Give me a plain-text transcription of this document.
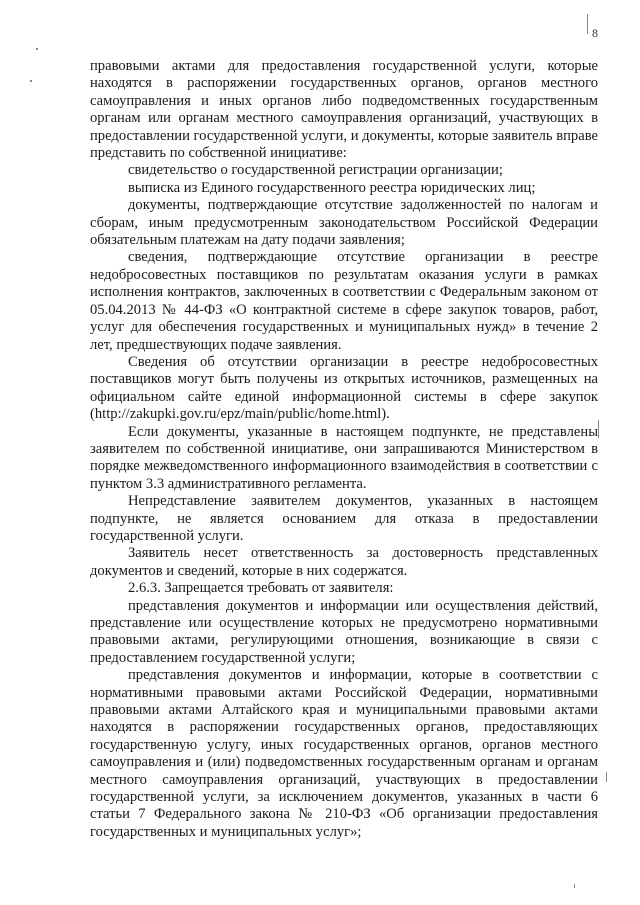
8

правовыми актами для предоставления государственной услуги, которые находятся в распоряжении государственных органов, органов местного самоуправления и иных органов либо подведомственных государственным органам или органам местного самоуправления организаций, участвующих в предоставлении государственной услуги, и документы, которые заявитель вправе представить по собственной инициативе:

свидетельство о государственной регистрации организации;

выписка из Единого государственного реестра юридических лиц;

документы, подтверждающие отсутствие задолженностей по налогам и сборам, иным предусмотренным законодательством Российской Федерации обязательным платежам на дату подачи заявления;

сведения, подтверждающие отсутствие организации в реестре недобросовестных поставщиков по результатам оказания услуги в рамках исполнения контрактов, заключенных в соответствии с Федеральным законом от 05.04.2013 № 44-ФЗ «О контрактной системе в сфере закупок товаров, работ, услуг для обеспечения государственных и муниципальных нужд» в течение 2 лет, предшествующих подаче заявления.

Сведения об отсутствии организации в реестре недобросовестных поставщиков могут быть получены из открытых источников, размещенных на официальном сайте единой информационной системы в сфере закупок (http://zakupki.gov.ru/epz/main/public/home.html).

Если документы, указанные в настоящем подпункте, не представлены заявителем по собственной инициативе, они запрашиваются Министерством в порядке межведомственного информационного взаимодействия в соответствии с пунктом 3.3 административного регламента.

Непредставление заявителем документов, указанных в настоящем подпункте, не является основанием для отказа в предоставлении государственной услуги.

Заявитель несет ответственность за достоверность представленных документов и сведений, которые в них содержатся.

2.6.3. Запрещается требовать от заявителя:

представления документов и информации или осуществления действий, представление или осуществление которых не предусмотрено нормативными правовыми актами, регулирующими отношения, возникающие в связи с предоставлением государственной услуги;

представления документов и информации, которые в соответствии с нормативными правовыми актами Российской Федерации, нормативными правовыми актами Алтайского края и муниципальными правовыми актами находятся в распоряжении государственных органов, предоставляющих государственную услугу, иных государственных органов, органов местного самоуправления и (или) подведомственных государственным органам и органам местного самоуправления организаций, участвующих в предоставлении государственной услуги, за исключением документов, указанных в части 6 статьи 7 Федерального закона № 210-ФЗ «Об организации предоставления государственных и муниципальных услуг»;
